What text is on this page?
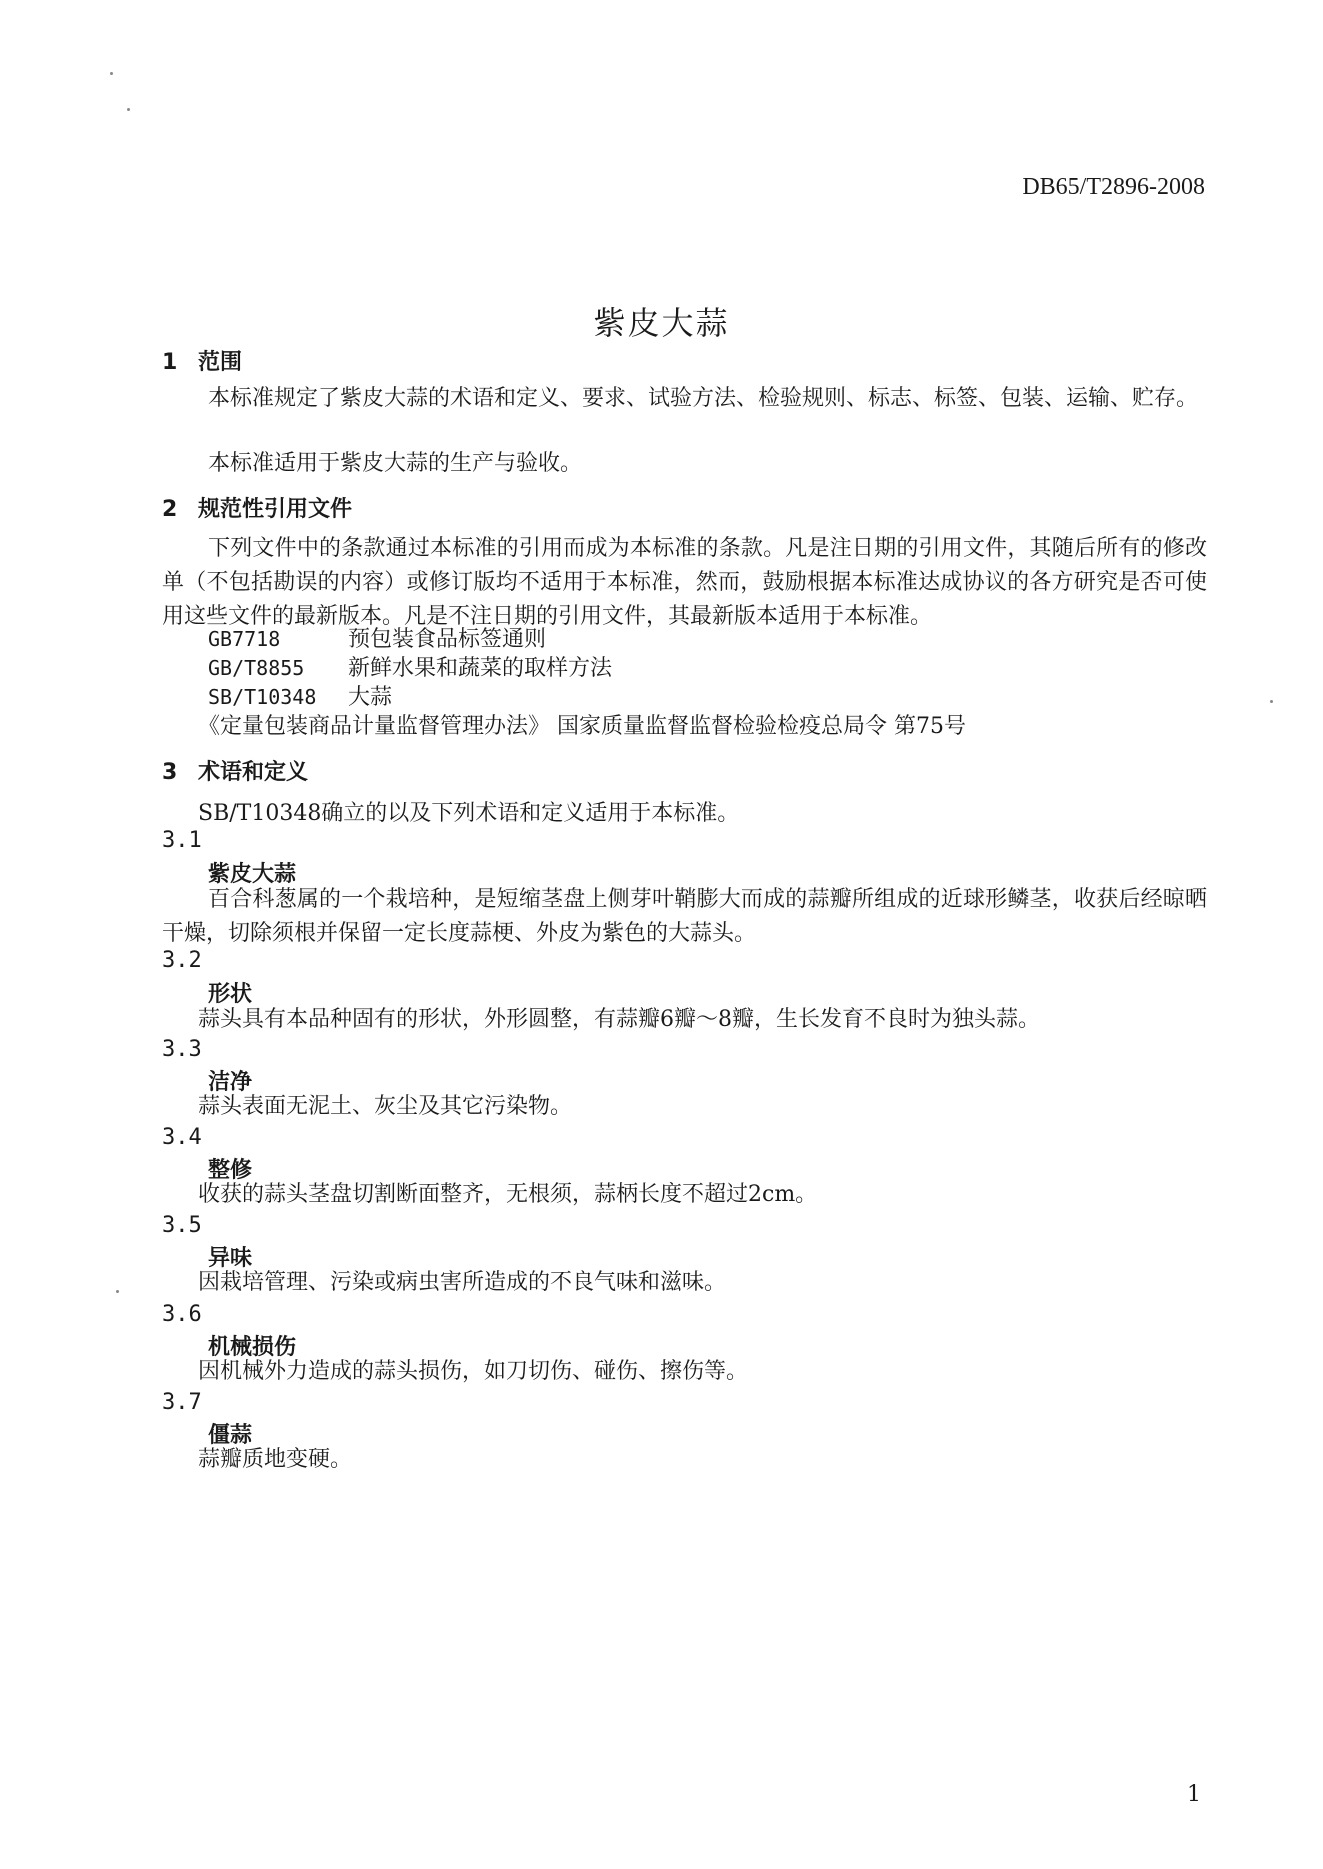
DB65/T2896-2008
紫皮大蒜
1 范围
本标准规定了紫皮大蒜的术语和定义、要求、试验方法、检验规则、标志、标签、包装、运输、贮存。
本标准适用于紫皮大蒜的生产与验收。
2 规范性引用文件
下列文件中的条款通过本标准的引用而成为本标准的条款。凡是注日期的引用文件，其随后所有的修改单（不包括勘误的内容）或修订版均不适用于本标准，然而，鼓励根据本标准达成协议的各方研究是否可使用这些文件的最新版本。凡是不注日期的引用文件，其最新版本适用于本标准。
GB7718	预包装食品标签通则
GB/T8855 新鲜水果和蔬菜的取样方法
SB/T10348 大蒜
《定量包装商品计量监督管理办法》 国家质量监督监督检验检疫总局令 第75号
3 术语和定义
SB/T10348确立的以及下列术语和定义适用于本标准。
3.1
紫皮大蒜
百合科葱属的一个栽培种，是短缩茎盘上侧芽叶鞘膨大而成的蒜瓣所组成的近球形鳞茎，收获后经晾晒干燥，切除须根并保留一定长度蒜梗、外皮为紫色的大蒜头。
3.2
形状
蒜头具有本品种固有的形状，外形圆整，有蒜瓣6瓣～8瓣，生长发育不良时为独头蒜。
3.3
洁净
蒜头表面无泥土、灰尘及其它污染物。
3.4
整修
收获的蒜头茎盘切割断面整齐，无根须，蒜柄长度不超过2cm。
3.5
异味
因栽培管理、污染或病虫害所造成的不良气味和滋味。
3.6
机械损伤
因机械外力造成的蒜头损伤，如刀切伤、碰伤、擦伤等。
3.7
僵蒜
蒜瓣质地变硬。
1
